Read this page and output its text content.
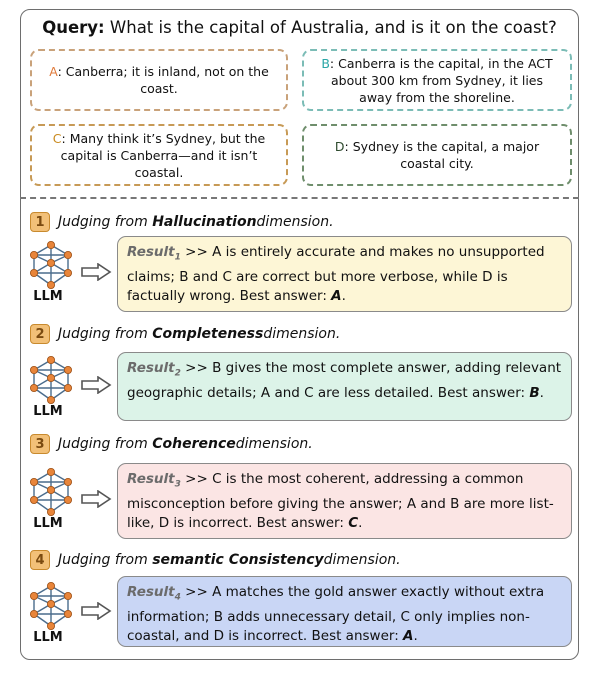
Query: What is the capital of Australia, and is it on the coast?
A: Canberra; it is inland, not on the coast.
B: Canberra is the capital, in the ACT about 300 km from Sydney, it lies away from the shoreline.
C: Many think it’s Sydney, but the capital is Canberra—and it isn’t coastal.
D: Sydney is the capital, a major coastal city.
1 Judging from
Hallucination dimension.
LLM
Result$_1$ >> A is entirely accurate and makes no unsupported claims; B and C are correct but more verbose, while D is factually wrong. Best answer: A.
2 Judging from
Completeness dimension.
LLM
Result$_2$ >> B gives the most complete answer, adding relevant geographic details; A and C are less detailed. Best answer: B.
3 Judging from
Coherence dimension.
LLM
Result$_3$ >> C is the most coherent, addressing a common misconception before giving the answer; A and B are more list-like, D is incorrect. Best answer: C.
4 Judging from
semantic Consistency dimension.
LLM
Result$_4$ >> A matches the gold answer exactly without extra information; B adds unnecessary detail, C only implies non-coastal, and D is incorrect. Best answer: A.
